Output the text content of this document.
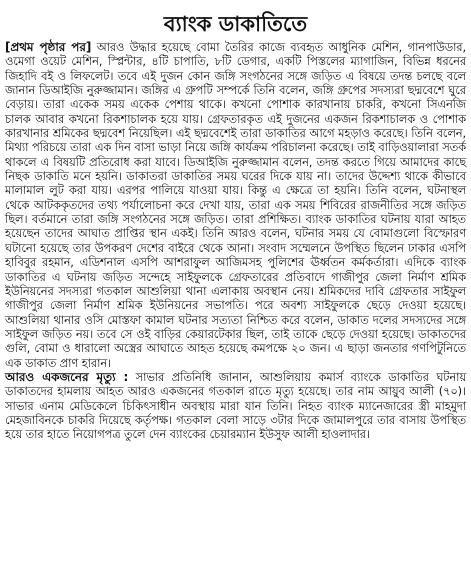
ব্যাংক ডাকাতিতে

[প্রথম পৃষ্ঠার পর] আরও উদ্ধার হয়েছে বোমা তৈরির কাজে ব্যবহৃত আধুনিক মেশিন, গানপাউডার, ওমেগা ওয়েট মেশিন, স্প্লিন্টার, ৪টি চাপাতি, ৮টি ডেগার, একটি পিস্তলের ম্যাগাজিন, বিভিন্ন ধরনের জিহাদি বই ও লিফলেট। তবে এই দুজন কোন জঙ্গি সংগঠনের সঙ্গে জড়িত এ বিষয়ে তদন্ত চলছে বলে জানান ডিআইজি নুরুজ্জামান। জঙ্গির এ গ্রুপটি সম্পর্কে তিনি বলেন, জঙ্গি গ্রুপের সদস্যরা ছদ্মবেশে ঘুরে বেড়ায়। তারা একেক সময় একেক পেশায় থাকে। কখনো পোশাক কারখানায় চাকরি, কখনো সিএনজি চালক আবার কখনো রিকশাচালক হয়ে যায়। গ্রেফতারকৃত এই দুজনের একজন রিকশাচালক ও পোশাক কারখানার শ্রমিকের ছদ্মবেশ নিয়েছিল। এই ছদ্মবেশেই তারা ডাকাতির আগে মহড়াও করেছে। তিনি বলেন, মিথ্যা পরিচয়ে তারা এক দিন বাসা ভাড়া নিয়ে জঙ্গি কার্যক্রম পরিচালনা করেছে। তাই বাড়িওয়ালারা সতর্ক থাকলে এ বিষয়টি প্রতিরোধ করা যাবে। ডিআইজি নুরুজ্জামান বলেন, তদন্ত করতে গিয়ে আমাদের কাছে নিছক ডাকাতি মনে হয়নি। ডাকাতরা ডাকাতির সময় ঘরের দিকে যায় না। তাদের উদ্দেশ্য থাকে কীভাবে মালামাল লুট করা যায়। এরপর পালিয়ে যাওয়া যায়। কিন্তু এ ক্ষেত্রে তা হয়নি। তিনি বলেন, ঘটনাস্থল থেকে আটককৃতদের তথ্য পর্যালোচনা করে দেখা যায়, তারা এক সময় শিবিরের রাজনীতির সঙ্গে জড়িত ছিল। বর্তমানে তারা জঙ্গি সংগঠনের সঙ্গে জড়িত। তারা প্রশিক্ষিত। ব্যাংক ডাকাতির ঘটনায় যারা আহত হয়েছেন তাদের আঘাত প্রাপ্তির স্থান একই। তিনি আরও বলেন, ঘটনার সময় যে বোমাগুলো বিস্ফোরণ ঘটানো হয়েছে তার উপকরণ দেশের বাইরে থেকে আনা। সংবাদ সম্মেলনে উপস্থিত ছিলেন ঢাকার এসপি হাবিবুর রহমান, এডিশনাল এসপি আশরাফুল আজিমসহ পুলিশের ঊর্ধ্বতন কর্মকর্তারা। এদিকে ব্যাংক ডাকাতির এ ঘটনায় জড়িত সন্দেহে সাইফুলকে গ্রেফতারের প্রতিবাদে গাজীপুর জেলা নির্মাণ শ্রমিক ইউনিয়নের সদস্যরা গতকাল আশুলিয়া থানা এলাকায় অবস্থান নেয়। শ্রমিকদের দাবি গ্রেফতার সাইফুল গাজীপুর জেলা নির্মাণ শ্রমিক ইউনিয়নের সভাপতি। পরে অবশ্য সাইফুলকে ছেড়ে দেওয়া হয়েছে। আশুলিয়া থানার ওসি মোস্তফা কামাল ঘটনার সত্যতা নিশ্চিত করে বলেন, ডাকাত দলের সদস্যদের সঙ্গে সাইফুল জড়িত নয়। তবে সে ওই বাড়ির কেয়ারটেকার ছিল, তাই তাকে ছেড়ে দেওয়া হয়েছে। ডাকাতদের গুলি, বোমা ও ধারালো অস্ত্রের আঘাতে আহত হয়েছে কমপক্ষে ২০ জন। এ ছাড়া জনতার গণপিটুনিতে এক ডাকাত প্রাণ হারান।

আরও একজনের মৃত্যু : সাভার প্রতিনিধি জানান, আশুলিয়ায় কমার্স ব্যাংকে ডাকাতির ঘটনায় ডাকাতদের হামলায় আহত আরও একজনের গতকাল রাতে মৃত্যু হয়েছে। তার নাম আয়ুব আলী (৭০)। সাভার এনাম মেডিকেলে চিকিৎসাধীন অবস্থায় মারা যান তিনি। নিহত ব্যাংক ম্যানেজারের স্ত্রী মাহমুদা মেহজাবিনকে চাকরি দিয়েছে কর্তৃপক্ষ। গতকাল বেলা সাড়ে ৩টার দিকে জামালপুরে তার বাসায় উপস্থিত হয়ে তার হাতে নিয়োগপত্র তুলে দেন ব্যাংকের চেয়ারম্যান ইউসুফ আলী হাওলাদার।
